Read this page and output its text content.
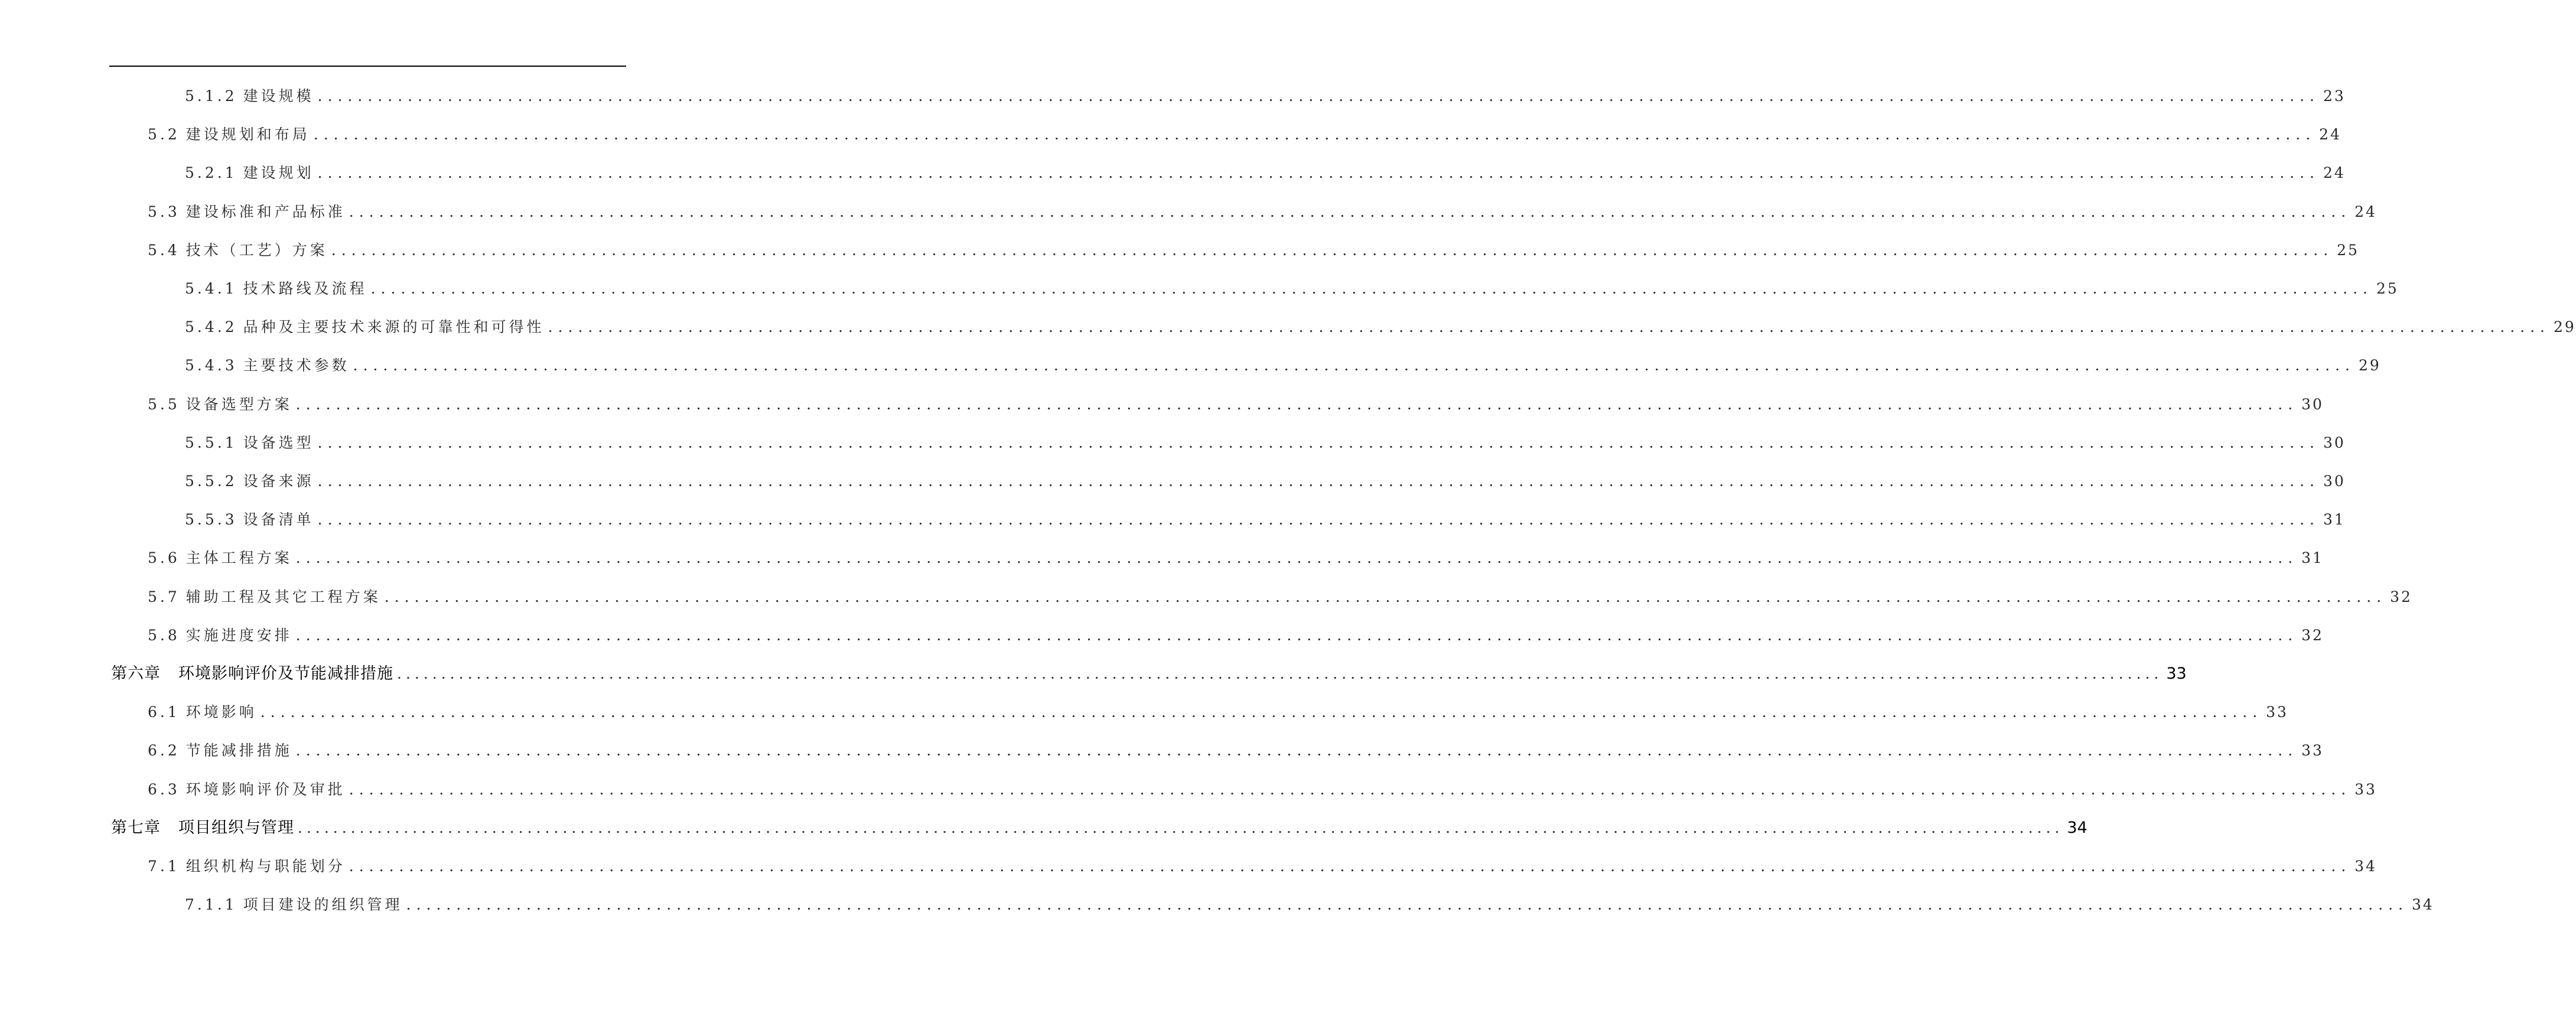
5.1.2 建设规模 ........................................................................................................................................................................................................ 23
5.2 建设规划和布局 ........................................................................................................................................................................................................ 24
5.2.1 建设规划 ........................................................................................................................................................................................................ 24
5.3 建设标准和产品标准 ........................................................................................................................................................................................................ 24
5.4 技术（工艺）方案 ........................................................................................................................................................................................................ 25
5.4.1 技术路线及流程 ........................................................................................................................................................................................................ 25
5.4.2 品种及主要技术来源的可靠性和可得性 ........................................................................................................................................................................................................ 29
5.4.3 主要技术参数 ........................................................................................................................................................................................................ 29
5.5 设备选型方案 ........................................................................................................................................................................................................ 30
5.5.1 设备选型 ........................................................................................................................................................................................................ 30
5.5.2 设备来源 ........................................................................................................................................................................................................ 30
5.5.3 设备清单 ........................................................................................................................................................................................................ 31
5.6 主体工程方案 ........................................................................................................................................................................................................ 31
5.7 辅助工程及其它工程方案 ........................................................................................................................................................................................................ 32
5.8 实施进度安排 ........................................................................................................................................................................................................ 32
第六章 环境影响评价及节能减排措施 ........................................................................................................................................................................................................ 33
6.1 环境影响 ........................................................................................................................................................................................................ 33
6.2 节能减排措施 ........................................................................................................................................................................................................ 33
6.3 环境影响评价及审批 ........................................................................................................................................................................................................ 33
第七章 项目组织与管理 ........................................................................................................................................................................................................ 34
7.1 组织机构与职能划分 ........................................................................................................................................................................................................ 34
7.1.1 项目建设的组织管理 ........................................................................................................................................................................................................ 34
